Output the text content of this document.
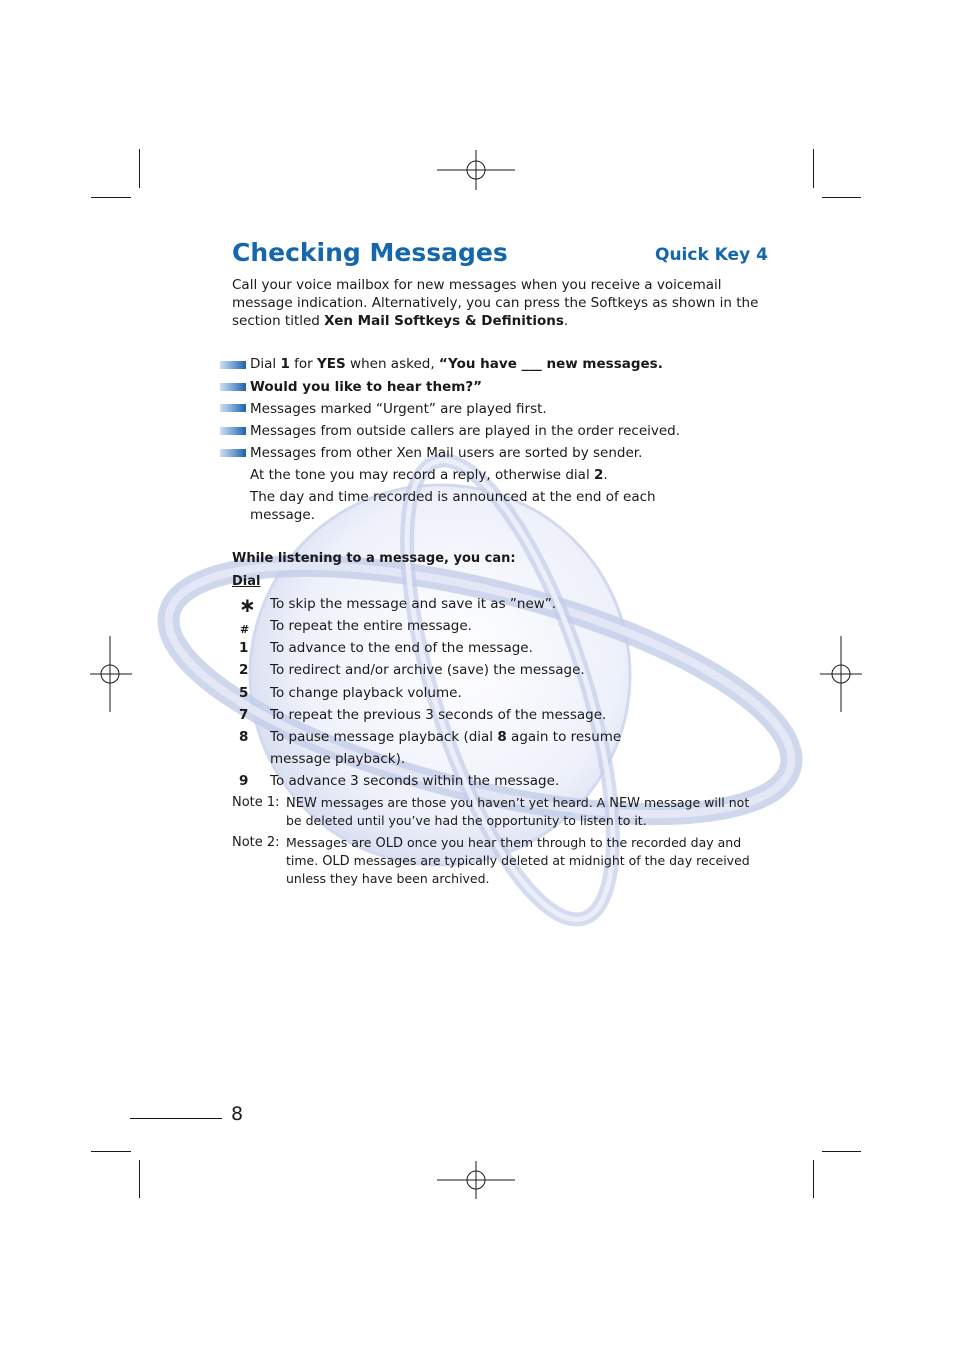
Checking Messages	Quick Key 4
Call your voice mailbox for new messages when you receive a voicemail message indication. Alternatively, you can press the Softkeys as shown in the section titled Xen Mail Softkeys & Definitions.
Dial 1 for YES when asked, “You have ___ new messages.
Would you like to hear them?”
Messages marked “Urgent” are played first.
Messages from outside callers are played in the order received.
Messages from other Xen Mail users are sorted by sender.
At the tone you may record a reply, otherwise dial 2.
The day and time recorded is announced at the end of each
message.
While listening to a message, you can:
Dial
∗ To skip the message and save it as ”new”.
# To repeat the entire message.
1 To advance to the end of the message.
2 To redirect and/or archive (save) the message.
5 To change playback volume.
7 To repeat the previous 3 seconds of the message.
8 To pause message playback (dial 8 again to resume
message playback).
9 To advance 3 seconds within the message.
Note 1: NEW messages are those you haven’t yet heard. A NEW message will not
be deleted until you’ve had the opportunity to listen to it.
Note 2: Messages are OLD once you hear them through to the recorded day and
time. OLD messages are typically deleted at midnight of the day received
unless they have been archived.
8
